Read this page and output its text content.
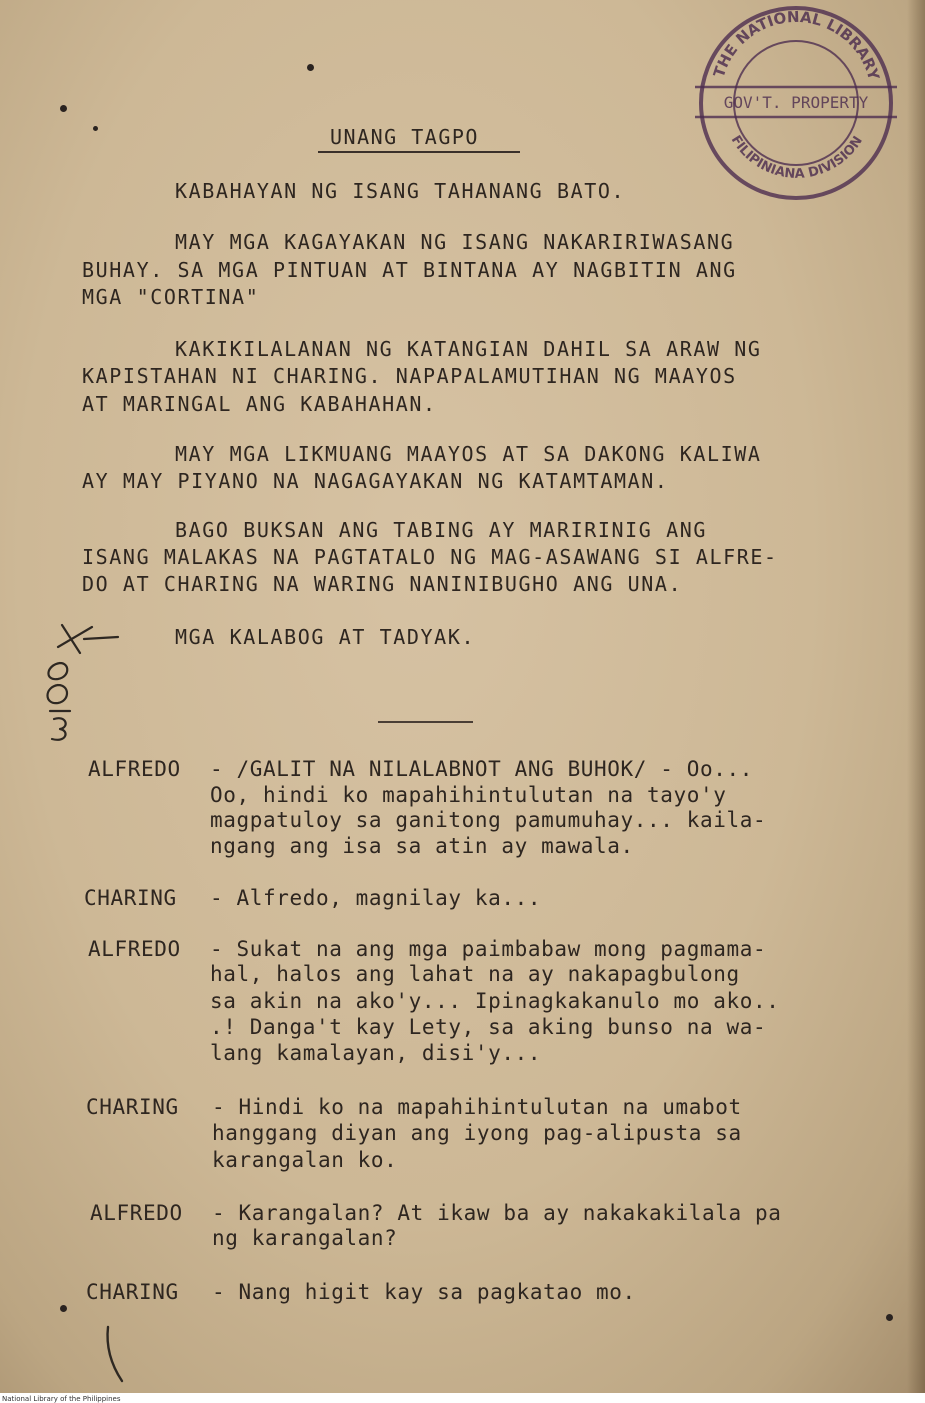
UNANG TAGPO
KABAHAYAN NG ISANG TAHANANG BATO.
MAY MGA KAGAYAKAN NG ISANG NAKARIRIWASANG
BUHAY. SA MGA PINTUAN AT BINTANA AY NAGBITIN ANG
MGA "CORTINA"
KAKIKILALANAN NG KATANGIAN DAHIL SA ARAW NG
KAPISTAHAN NI CHARING. NAPAPALAMUTIHAN NG MAAYOS
AT MARINGAL ANG KABAHAHAN.
MAY MGA LIKMUANG MAAYOS AT SA DAKONG KALIWA
AY MAY PIYANO NA NAGAGAYAKAN NG KATAMTAMAN.
BAGO BUKSAN ANG TABING AY MARIRINIG ANG
ISANG MALAKAS NA PAGTATALO NG MAG-ASAWANG SI ALFRE-
DO AT CHARING NA WARING NANINIBUGHO ANG UNA.
MGA KALABOG AT TADYAK.
ALFREDO - /GALIT NA NILALABNOT ANG BUHOK/ - Oo...
Oo, hindi ko mapahihintulutan na tayo'y
magpatuloy sa ganitong pamumuhay... kaila-
ngang ang isa sa atin ay mawala.
CHARING - Alfredo, magnilay ka...
ALFREDO - Sukat na ang mga paimbabaw mong pagmama-
hal, halos ang lahat na ay nakapagbulong
sa akin na ako'y... Ipinagkakanulo mo ako..
.! Danga't kay Lety, sa aking bunso na wa-
lang kamalayan, disi'y...
CHARING - Hindi ko na mapahihintulutan na umabot
hanggang diyan ang iyong pag-alipusta sa
karangalan ko.
ALFREDO - Karangalan? At ikaw ba ay nakakakilala pa
ng karangalan?
CHARING - Nang higit kay sa pagkatao mo.
THE NATIONAL LIBRARY
GOV'T. PROPERTY
FILIPINIANA DIVISION
National Library of the Philippines
